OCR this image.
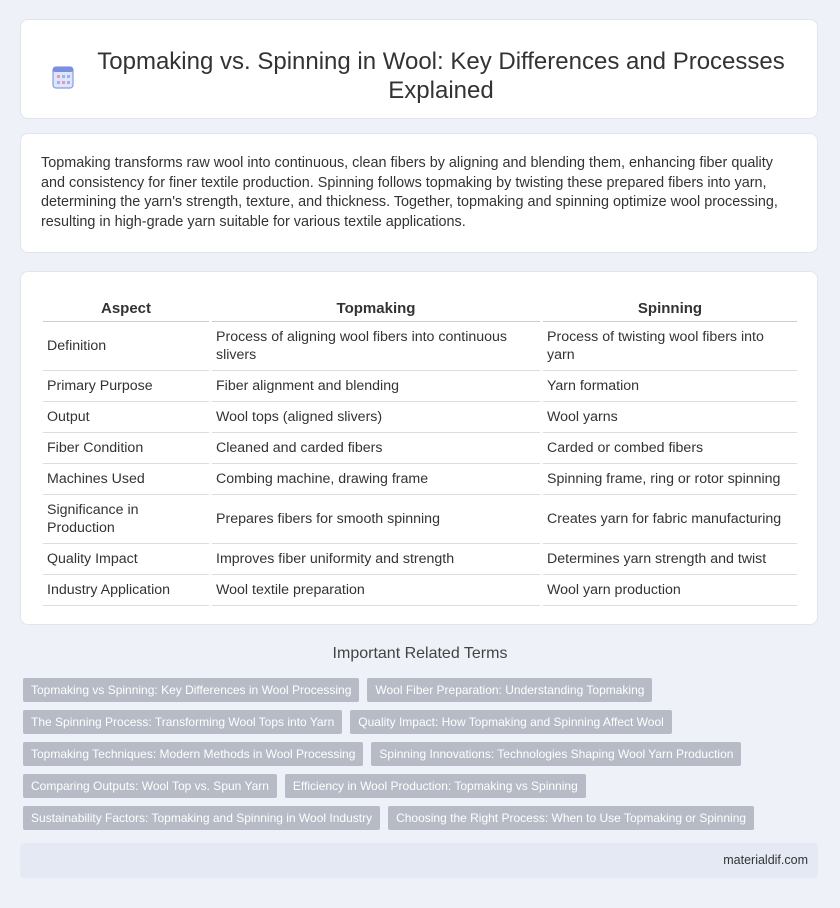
Topmaking vs. Spinning in Wool: Key Differences and Processes Explained

Topmaking transforms raw wool into continuous, clean fibers by aligning and blending them, enhancing fiber quality and consistency for finer textile production. Spinning follows topmaking by twisting these prepared fibers into yarn, determining the yarn's strength, texture, and thickness. Together, topmaking and spinning optimize wool processing, resulting in high-grade yarn suitable for various textile applications.

Aspect	Topmaking	Spinning
Definition	Process of aligning wool fibers into continuous slivers	Process of twisting wool fibers into yarn
Primary Purpose	Fiber alignment and blending	Yarn formation
Output	Wool tops (aligned slivers)	Wool yarns
Fiber Condition	Cleaned and carded fibers	Carded or combed fibers
Machines Used	Combing machine, drawing frame	Spinning frame, ring or rotor spinning
Significance in Production	Prepares fibers for smooth spinning	Creates yarn for fabric manufacturing
Quality Impact	Improves fiber uniformity and strength	Determines yarn strength and twist
Industry Application	Wool textile preparation	Wool yarn production
Important Related Terms
Topmaking vs Spinning: Key Differences in Wool Processing	Wool Fiber Preparation: Understanding Topmaking
The Spinning Process: Transforming Wool Tops into Yarn	Quality Impact: How Topmaking and Spinning Affect Wool
Topmaking Techniques: Modern Methods in Wool Processing	Spinning Innovations: Technologies Shaping Wool Yarn Production
Comparing Outputs: Wool Top vs. Spun Yarn	Efficiency in Wool Production: Topmaking vs Spinning
Sustainability Factors: Topmaking and Spinning in Wool Industry	Choosing the Right Process: When to Use Topmaking or Spinning
materialdif.com
